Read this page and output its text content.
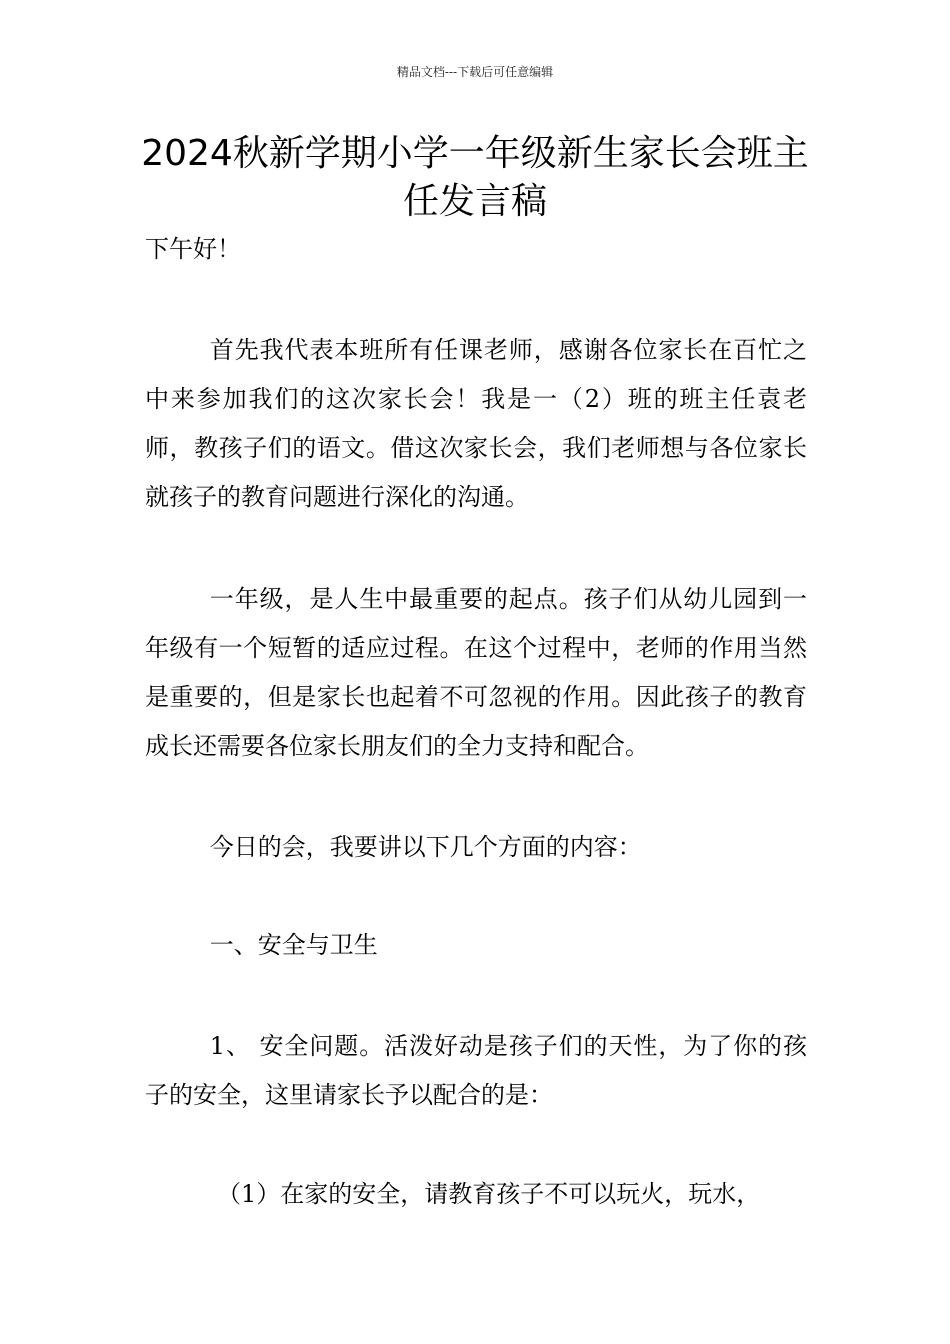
精品文档---下载后可任意编辑
2024秋新学期小学一年级新生家长会班主任发言稿

下午好！

首先我代表本班所有任课老师，感谢各位家长在百忙之中来参加我们的这次家长会！我是一（2）班的班主任袁老师，教孩子们的语文。借这次家长会，我们老师想与各位家长就孩子的教育问题进行深化的沟通。

一年级，是人生中最重要的起点。孩子们从幼儿园到一年级有一个短暂的适应过程。在这个过程中，老师的作用当然是重要的，但是家长也起着不可忽视的作用。因此孩子的教育成长还需要各位家长朋友们的全力支持和配合。

今日的会，我要讲以下几个方面的内容：

一、安全与卫生

1、 安全问题。活泼好动是孩子们的天性，为了你的孩子的安全，这里请家长予以配合的是：

（1）在家的安全，请教育孩子不可以玩火，玩水，
